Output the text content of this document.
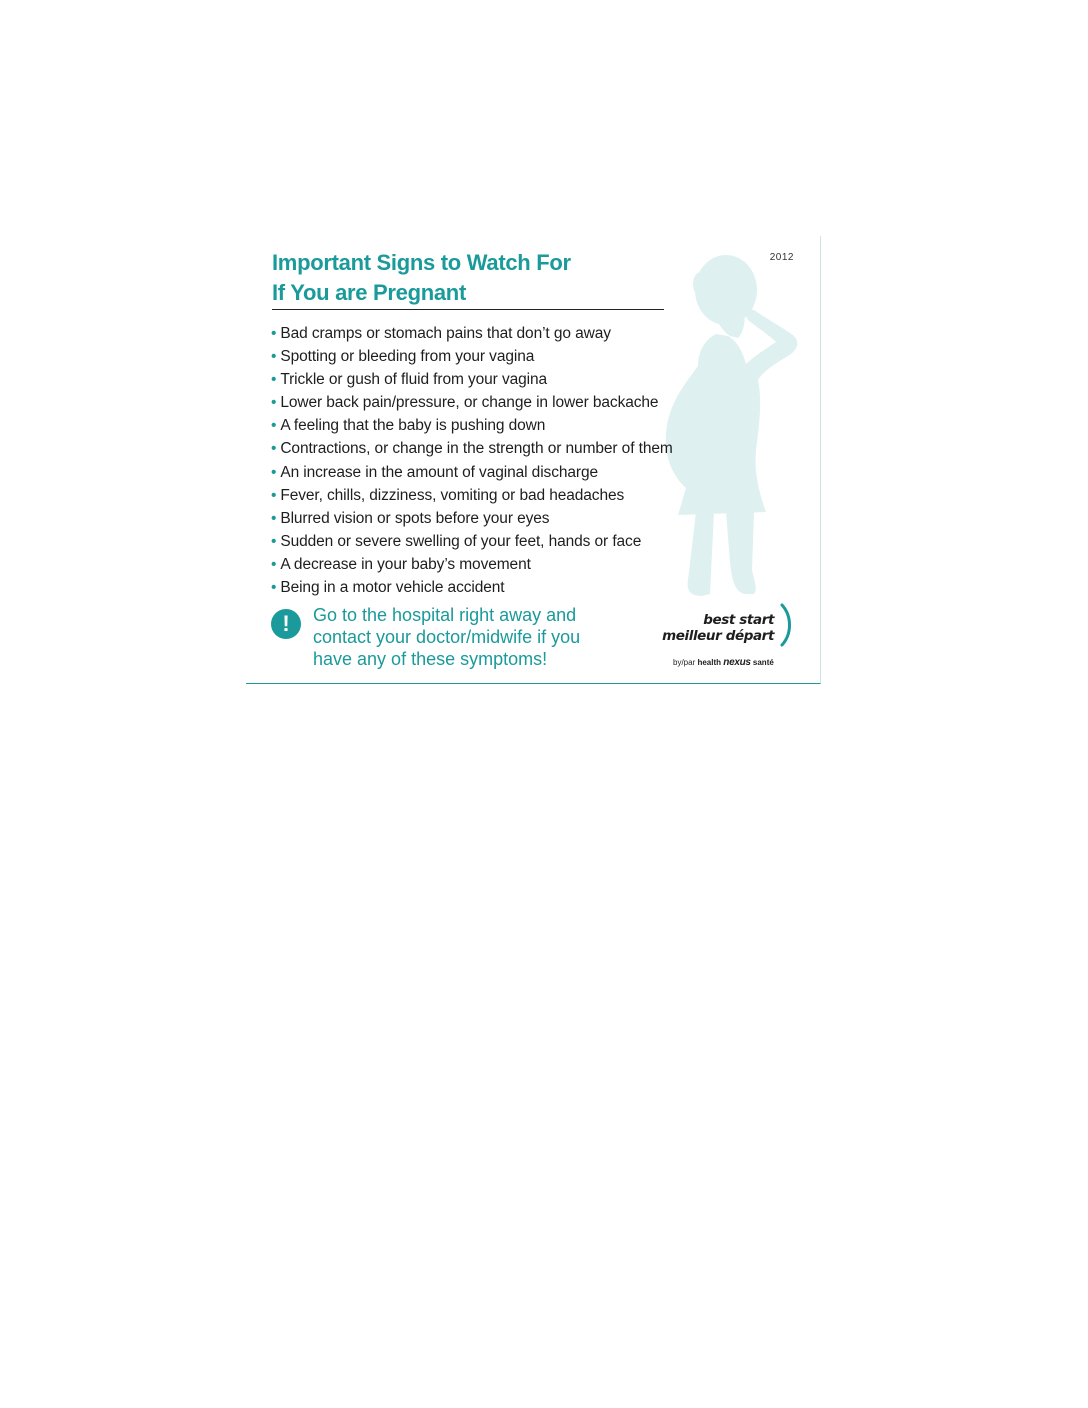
2012
Important Signs to Watch For
If You are Pregnant
• Bad cramps or stomach pains that don’t go away
• Spotting or bleeding from your vagina
• Trickle or gush of fluid from your vagina
• Lower back pain/pressure, or change in lower backache
• A feeling that the baby is pushing down
• Contractions, or change in the strength or number of them
• An increase in the amount of vaginal discharge
• Fever, chills, dizziness, vomiting or bad headaches
• Blurred vision or spots before your eyes
• Sudden or severe swelling of your feet, hands or face
• A decrease in your baby’s movement
• Being in a motor vehicle accident
!	Go to the hospital right away and
contact your doctor/midwife if you
have any of these symptoms!

best start
meilleur départ
by/par health nexus santé
